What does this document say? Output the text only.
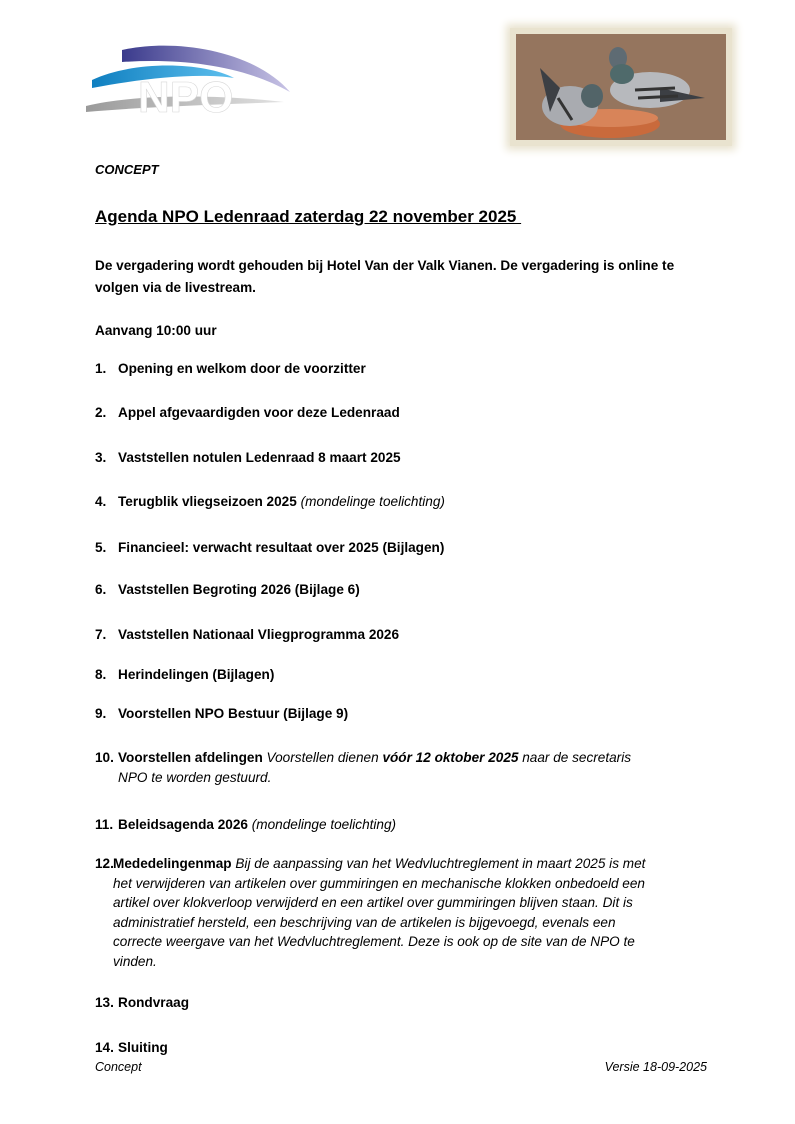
NPO
CONCEPT
Agenda NPO Ledenraad zaterdag 22 november 2025
De vergadering wordt gehouden bij Hotel Van der Valk Vianen. De vergadering is online te volgen via de livestream.
Aanvang 10:00 uur
1. Opening en welkom door de voorzitter
2. Appel afgevaardigden voor deze Ledenraad
3. Vaststellen notulen Ledenraad 8 maart 2025
4. Terugblik vliegseizoen 2025 (mondelinge toelichting)
5. Financieel: verwacht resultaat over 2025 (Bijlagen)
6. Vaststellen Begroting 2026 (Bijlage 6)
7. Vaststellen Nationaal Vliegprogramma 2026
8. Herindelingen (Bijlagen)
9. Voorstellen NPO Bestuur (Bijlage 9)
10. Voorstellen afdelingen Voorstellen dienen vóór 12 oktober 2025 naar de secretaris
NPO te worden gestuurd.
11. Beleidsagenda 2026 (mondelinge toelichting)
12.Mededelingenmap Bij de aanpassing van het Wedvluchtreglement in maart 2025 is met
het verwijderen van artikelen over gummiringen en mechanische klokken onbedoeld een
artikel over klokverloop verwijderd en een artikel over gummiringen blijven staan. Dit is
administratief hersteld, een beschrijving van de artikelen is bijgevoegd, evenals een
correcte weergave van het Wedvluchtreglement. Deze is ook op de site van de NPO te
vinden.
13. Rondvraag
14. Sluiting
Concept	Versie 18-09-2025
